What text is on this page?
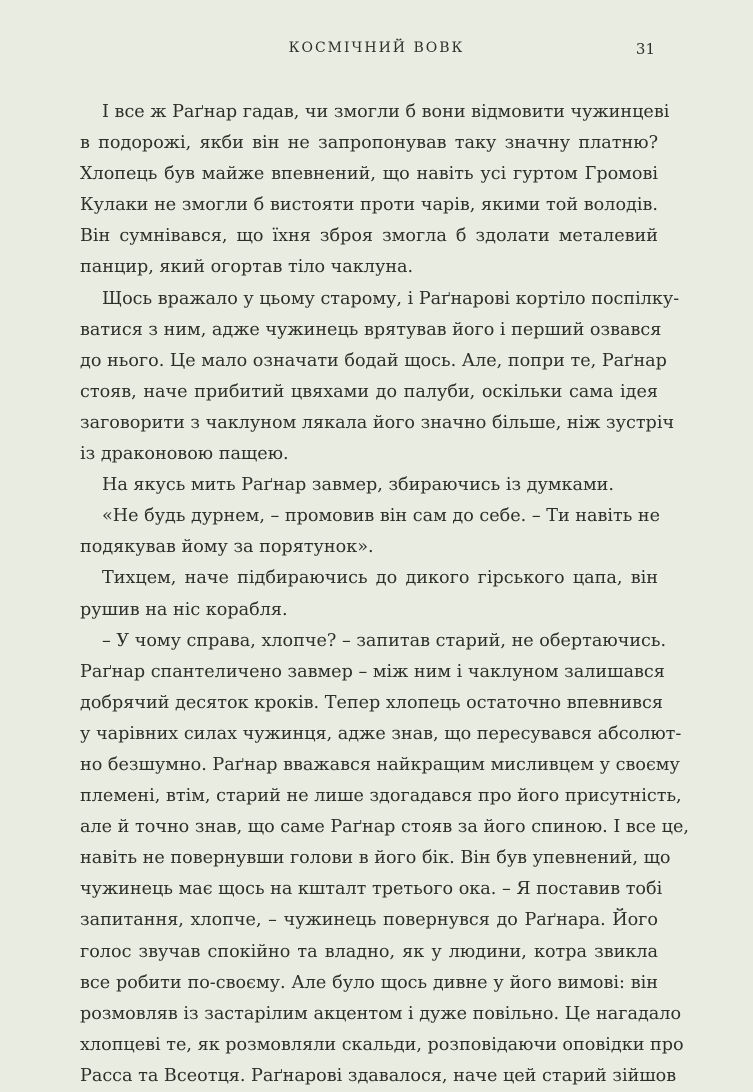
КОСМІЧНИЙ ВОВК	31
І все ж Раґнар гадав, чи змогли б вони відмовити чужинцеві
в подорожі, якби він не запропонував таку значну платню?
Хлопець був майже впевнений, що навіть усі гуртом Громові
Кулаки не змогли б вистояти проти чарів, якими той володів.
Він сумнівався, що їхня зброя змогла б здолати металевий
панцир, який огортав тіло чаклуна.
Щось вражало у цьому старому, і Раґнарові кортіло поспілку-
ватися з ним, адже чужинець врятував його і перший озвався
до нього. Це мало означати бодай щось. Але, попри те, Раґнар
стояв, наче прибитий цвяхами до палуби, оскільки сама ідея
заговорити з чаклуном лякала його значно більше, ніж зустріч
із драконовою пащею.
На якусь мить Раґнар завмер, збираючись із думками.
«Не будь дурнем, – промовив він сам до себе. – Ти навіть не
подякував йому за порятунок».
Тихцем, наче підбираючись до дикого гірського цапа, він
рушив на ніс корабля.
– У чому справа, хлопче? – запитав старий, не обертаючись.
Раґнар спантеличено завмер – між ним і чаклуном залишався
добрячий десяток кроків. Тепер хлопець остаточно впевнився
у чарівних силах чужинця, адже знав, що пересувався абсолют-
но безшумно. Раґнар вважався найкращим мисливцем у своєму
племені, втім, старий не лише здогадався про його присутність,
але й точно знав, що саме Раґнар стояв за його спиною. І все це,
навіть не повернувши голови в його бік. Він був упевнений, що
чужинець має щось на кшталт третього ока. – Я поставив тобі
запитання, хлопче, – чужинець повернувся до Раґнара. Його
голос звучав спокійно та владно, як у людини, котра звикла
все робити по-своєму. Але було щось дивне у його вимові: він
розмовляв із застарілим акцентом і дуже повільно. Це нагадало
хлопцеві те, як розмовляли скальди, розповідаючи оповідки про
Расса та Всеотця. Раґнарові здавалося, наче цей старий зійшов
